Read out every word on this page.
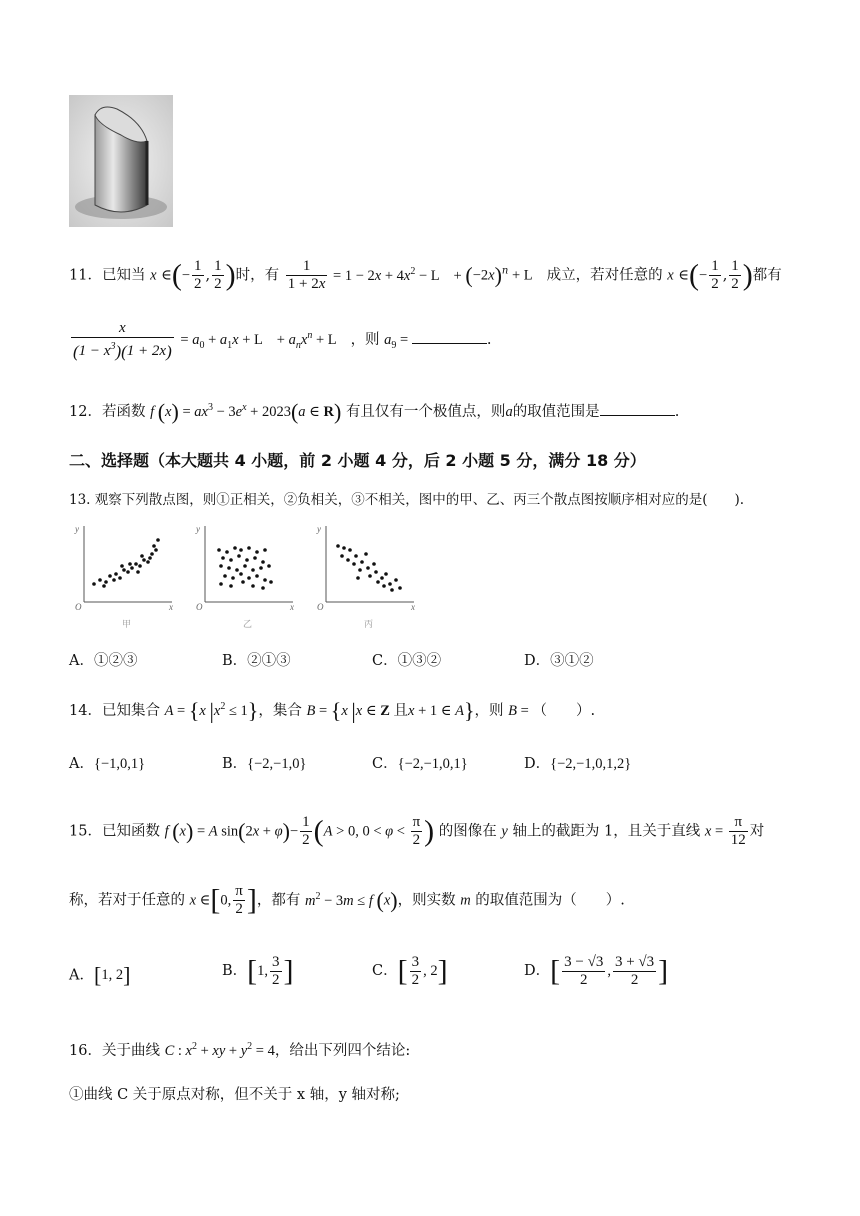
11．已知当 x ∈(− $\frac{1}{2}$ , $\frac{1}{2}$ )时，有 $\frac{1}{1 + 2x} = 1 - 2x + 4x^2 - L$　+ $(-2x)^n + L$　成立，若对任意的 x ∈(− $\frac{1}{2}$ , $\frac{1}{2}$ )都有
$\frac{x}{(1 - x^3)(1 + 2x)} = a_0 + a_1x + L$　+ $a_nx^n + L$　，则 $a_9$ =	.
12．若函数 f $(x) = ax^3 - 3e^x + 2023(a$ ∈ R) 有且仅有一个极值点，则a的取值范围是	.
二、选择题（本大题共 4 小题，前 2 小题 4 分，后 2 小题 5 分，满分 18 分）
13. 观察下列散点图，则①正相关，②负相关，③不相关，图中的甲、乙、丙三个散点图按顺序相对应的是(　　).
y
O	x
甲
y
O	x
乙
y
O	x
丙
A．①②③	B．②①③	C．①③②	D．③①②
14．已知集合 A = {x $|x^2 \le 1$}，集合 B = {x |x ∈ Z 且x + 1 ∈ A}，则 B = （　　）.
A．{−1,0,1}	B．{−2,−1,0}	C．{−2,−1,0,1}	D．{−2,−1,0,1,2}
15．已知函数 f (x) = A $\sin(2x + \varphi)- \frac{1}{2} (A > 0$, $0 < \varphi < \frac{\pi}{2}$ ) 的图像在 y 轴上的截距为 1，且关于直线 $x = \frac{\pi}{12}$ 对
称，若对于任意的 x ∈[0, $\frac{\pi}{2}$ ]，都有 $m^2 - 3m \le f$ (x)，则实数 m 的取值范围为（　　）.
A．[1, 2]	B．[1, $\frac{3}{2}$ ]	C．[ $\frac{3}{2}$ , 2]	D．[ $\frac{3 - √3}{2}$ , $\frac{3 + √3}{2}$ ]
16．关于曲线 C : $x^2$ + xy + $y^2 = 4$，给出下列四个结论:
①曲线 C 关于原点对称，但不关于 x 轴，y 轴对称;
